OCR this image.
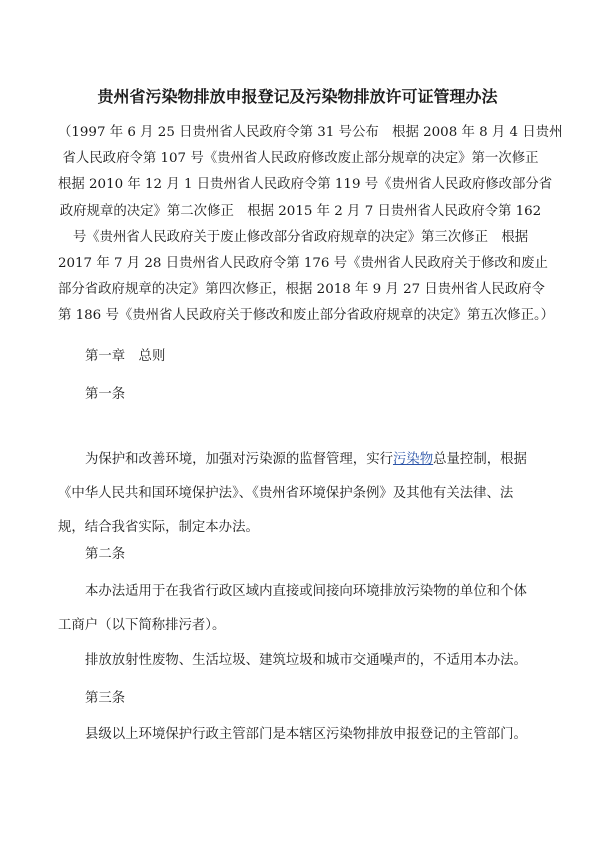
贵州省污染物排放申报登记及污染物排放许可证管理办法
（1997 年 6 月 25 日贵州省人民政府令第 31 号公布　根据 2008 年 8 月 4 日贵州
省人民政府令第 107 号《贵州省人民政府修改废止部分规章的决定》第一次修正
根据 2010 年 12 月 1 日贵州省人民政府令第 119 号《贵州省人民政府修改部分省
政府规章的决定》第二次修正　根据 2015 年 2 月 7 日贵州省人民政府令第 162
号《贵州省人民政府关于废止修改部分省政府规章的决定》第三次修正　根据
2017 年 7 月 28 日贵州省人民政府令第 176 号《贵州省人民政府关于修改和废止
部分省政府规章的决定》第四次修正，根据 2018 年 9 月 27 日贵州省人民政府令
第 186 号《贵州省人民政府关于修改和废止部分省政府规章的决定》第五次修正。）
第一章　总则
第一条
为保护和改善环境，加强对污染源的监督管理，实行污染物总量控制，根据
《中华人民共和国环境保护法》、《贵州省环境保护条例》及其他有关法律、法
规，结合我省实际，制定本办法。
第二条
本办法适用于在我省行政区域内直接或间接向环境排放污染物的单位和个体
工商户（以下简称排污者）。
排放放射性废物、生活垃圾、建筑垃圾和城市交通噪声的，不适用本办法。
第三条
县级以上环境保护行政主管部门是本辖区污染物排放申报登记的主管部门。
